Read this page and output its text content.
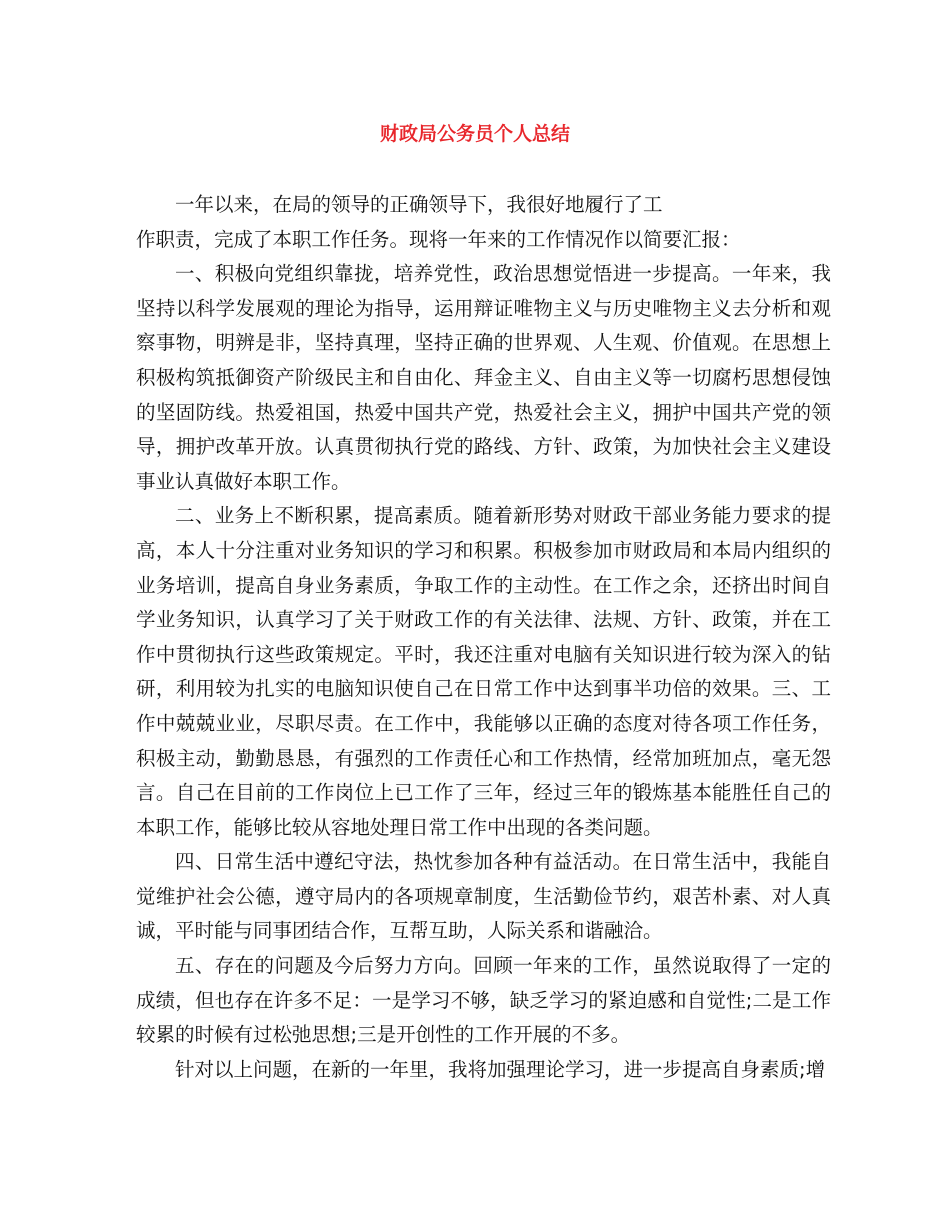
财政局公务员个人总结

一年以来，在局的领导的正确领导下，我很好地履行了工

作职责，完成了本职工作任务。现将一年来的工作情况作以简要汇报：

一、积极向党组织靠拢，培养党性，政治思想觉悟进一步提高。一年来，我坚持以科学发展观的理论为指导，运用辩证唯物主义与历史唯物主义去分析和观察事物，明辨是非，坚持真理，坚持正确的世界观、人生观、价值观。在思想上积极构筑抵御资产阶级民主和自由化、拜金主义、自由主义等一切腐朽思想侵蚀的坚固防线。热爱祖国，热爱中国共产党，热爱社会主义，拥护中国共产党的领导，拥护改革开放。认真贯彻执行党的路线、方针、政策，为加快社会主义建设事业认真做好本职工作。

二、业务上不断积累，提高素质。随着新形势对财政干部业务能力要求的提高，本人十分注重对业务知识的学习和积累。积极参加市财政局和本局内组织的业务培训，提高自身业务素质，争取工作的主动性。在工作之余，还挤出时间自学业务知识，认真学习了关于财政工作的有关法律、法规、方针、政策，并在工作中贯彻执行这些政策规定。平时，我还注重对电脑有关知识进行较为深入的钻研，利用较为扎实的电脑知识使自己在日常工作中达到事半功倍的效果。三、工作中兢兢业业，尽职尽责。在工作中，我能够以正确的态度对待各项工作任务，积极主动，勤勤恳恳，有强烈的工作责任心和工作热情，经常加班加点，毫无怨言。自己在目前的工作岗位上已工作了三年，经过三年的锻炼基本能胜任自己的本职工作，能够比较从容地处理日常工作中出现的各类问题。

四、日常生活中遵纪守法，热忱参加各种有益活动。在日常生活中，我能自觉维护社会公德，遵守局内的各项规章制度，生活勤俭节约，艰苦朴素、对人真诚，平时能与同事团结合作，互帮互助，人际关系和谐融洽。

五、存在的问题及今后努力方向。回顾一年来的工作，虽然说取得了一定的成绩，但也存在许多不足：一是学习不够，缺乏学习的紧迫感和自觉性;二是工作较累的时候有过松弛思想;三是开创性的工作开展的不多。

针对以上问题，在新的一年里，我将加强理论学习，进一步提高自身素质;增
